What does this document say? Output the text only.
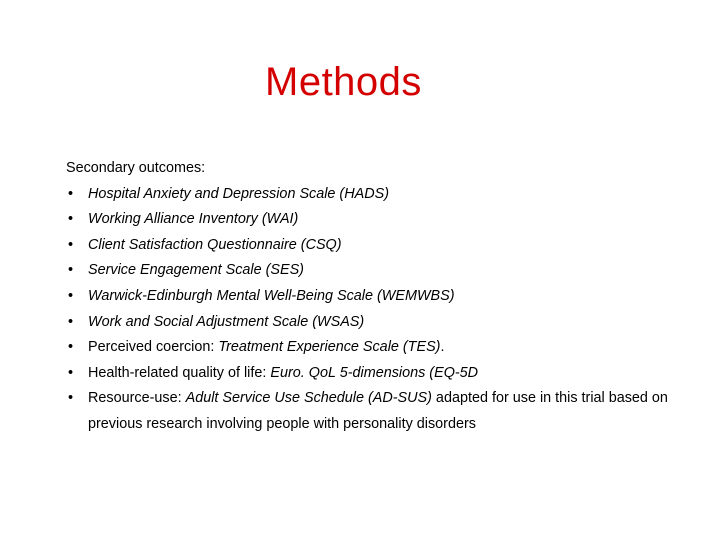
Methods
Secondary outcomes:
•	Hospital Anxiety and Depression Scale (HADS)
•	Working Alliance Inventory (WAI)
•	Client Satisfaction Questionnaire (CSQ)
•	Service Engagement Scale (SES)
•	Warwick-Edinburgh Mental Well-Being Scale (WEMWBS)
•	Work and Social Adjustment Scale (WSAS)
•	Perceived coercion: Treatment Experience Scale (TES).
•	Health-related quality of life: Euro. QoL 5-dimensions (EQ-5D
•	Resource-use: Adult Service Use Schedule (AD-SUS) adapted for use in this trial based on previous research involving people with personality disorders
